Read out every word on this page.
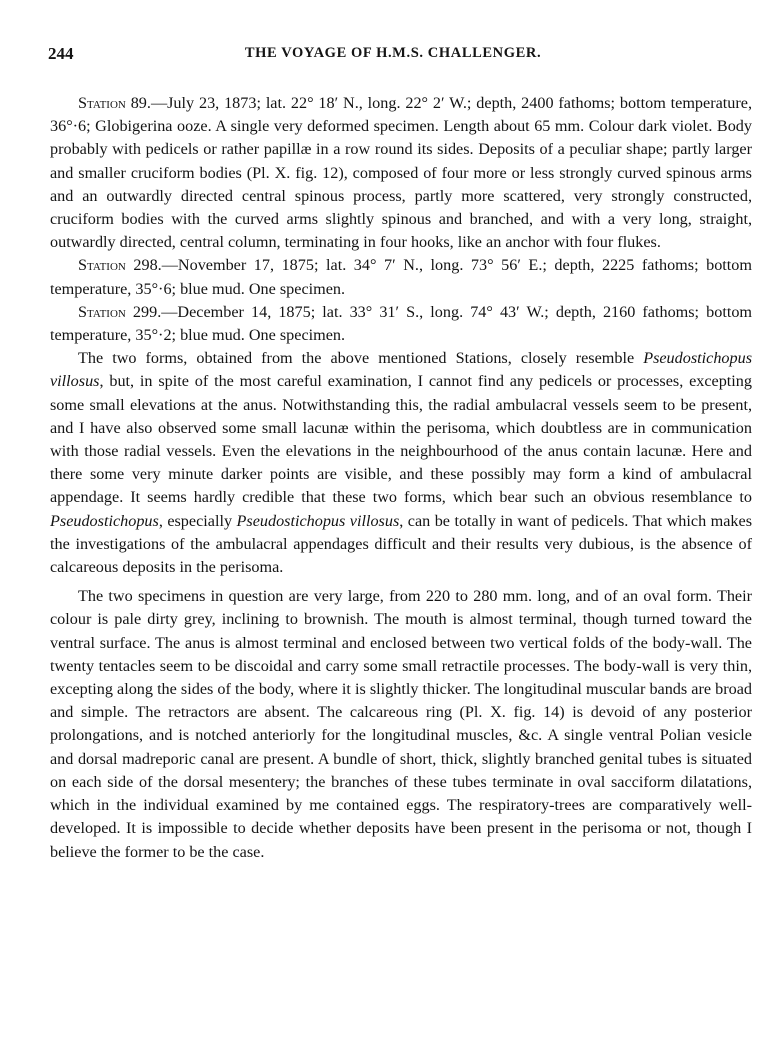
244	THE VOYAGE OF H.M.S. CHALLENGER.

Station 89.—July 23, 1873; lat. 22° 18′ N., long. 22° 2′ W.; depth, 2400 fathoms; bottom temperature, 36°·6; Globigerina ooze. A single very deformed specimen. Length about 65 mm. Colour dark violet. Body probably with pedicels or rather papillæ in a row round its sides. Deposits of a peculiar shape; partly larger and smaller cruciform bodies (Pl. X. fig. 12), composed of four more or less strongly curved spinous arms and an outwardly directed central spinous process, partly more scattered, very strongly constructed, cruciform bodies with the curved arms slightly spinous and branched, and with a very long, straight, outwardly directed, central column, terminating in four hooks, like an anchor with four flukes.

Station 298.—November 17, 1875; lat. 34° 7′ N., long. 73° 56′ E.; depth, 2225 fathoms; bottom temperature, 35°·6; blue mud. One specimen.

Station 299.—December 14, 1875; lat. 33° 31′ S., long. 74° 43′ W.; depth, 2160 fathoms; bottom temperature, 35°·2; blue mud. One specimen.

The two forms, obtained from the above mentioned Stations, closely resemble Pseudostichopus villosus, but, in spite of the most careful examination, I cannot find any pedicels or processes, excepting some small elevations at the anus. Notwithstanding this, the radial ambulacral vessels seem to be present, and I have also observed some small lacunæ within the perisoma, which doubtless are in communication with those radial vessels. Even the elevations in the neighbourhood of the anus contain lacunæ. Here and there some very minute darker points are visible, and these possibly may form a kind of ambulacral appendage. It seems hardly credible that these two forms, which bear such an obvious resemblance to Pseudostichopus, especially Pseudostichopus villosus, can be totally in want of pedicels. That which makes the investigations of the ambulacral appendages difficult and their results very dubious, is the absence of calcareous deposits in the perisoma.

The two specimens in question are very large, from 220 to 280 mm. long, and of an oval form. Their colour is pale dirty grey, inclining to brownish. The mouth is almost terminal, though turned toward the ventral surface. The anus is almost terminal and enclosed between two vertical folds of the body-wall. The twenty tentacles seem to be discoidal and carry some small retractile processes. The body-wall is very thin, excepting along the sides of the body, where it is slightly thicker. The longitudinal muscular bands are broad and simple. The retractors are absent. The calcareous ring (Pl. X. fig. 14) is devoid of any posterior prolongations, and is notched anteriorly for the longitudinal muscles, &c. A single ventral Polian vesicle and dorsal madreporic canal are present. A bundle of short, thick, slightly branched genital tubes is situated on each side of the dorsal mesentery; the branches of these tubes terminate in oval sacciform dilatations, which in the individual examined by me contained eggs. The respiratory-trees are comparatively well-developed. It is impossible to decide whether deposits have been present in the perisoma or not, though I believe the former to be the case.
